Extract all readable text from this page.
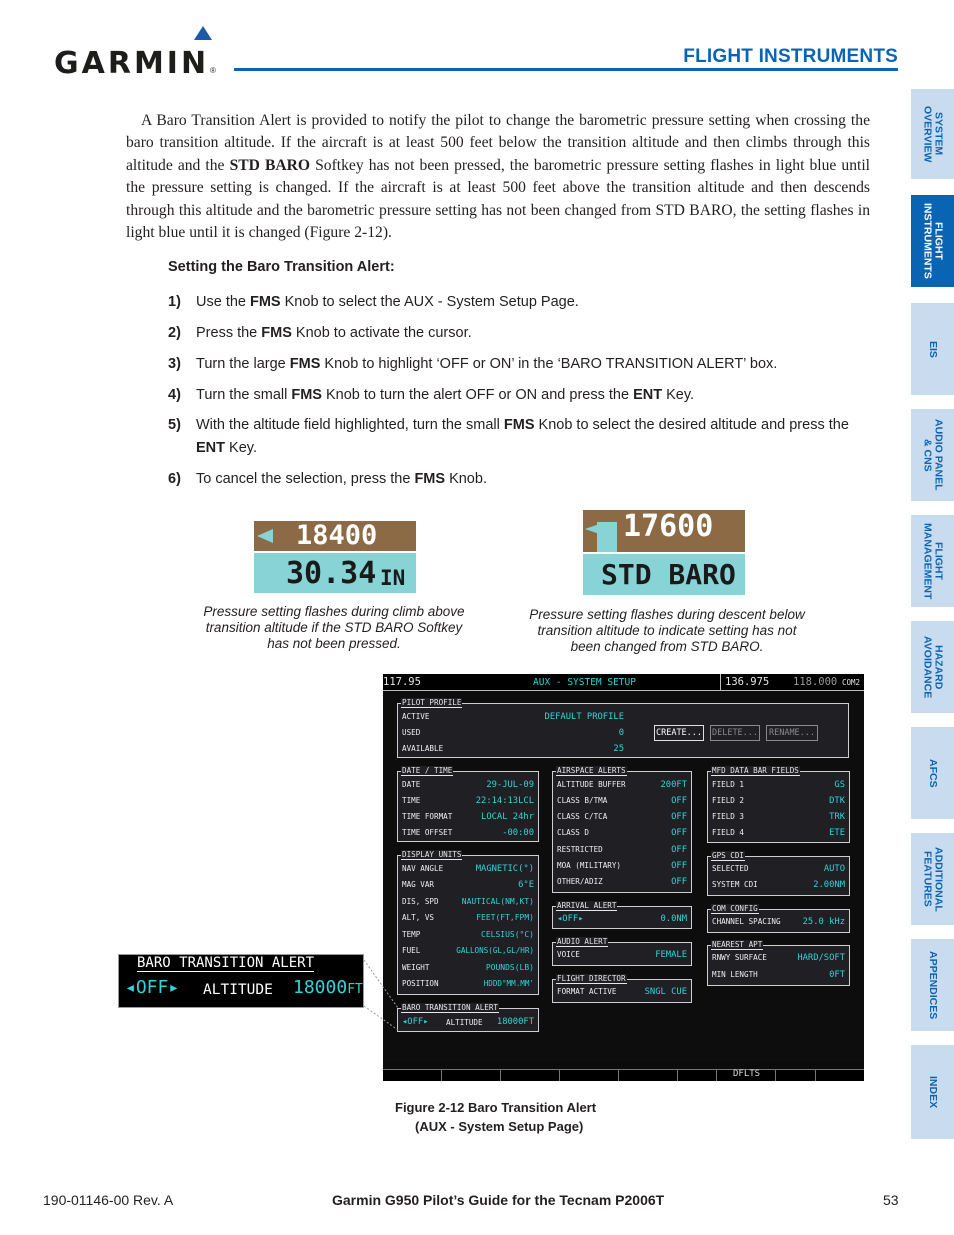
GARMIN ®
FLIGHT INSTRUMENTS
SYSTEM
OVERVIEW
FLIGHT
INSTRUMENTS
EIS
AUDIO PANEL
& CNS
FLIGHT
MANAGEMENT
HAZARD
AVOIDANCE
AFCS
ADDITIONAL
FEATURES
APPENDICES
INDEX

A Baro Transition Alert is provided to notify the pilot to change the barometric pressure setting when crossing the baro transition altitude. If the aircraft is at least 500 feet below the transition altitude and then climbs through this altitude and the STD BARO Softkey has not been pressed, the barometric pressure setting flashes in light blue until the pressure setting is changed. If the aircraft is at least 500 feet above the transition altitude and then descends through this altitude and the barometric pressure setting has not been changed from STD BARO, the setting flashes in light blue until it is changed (Figure 2-12).

Setting the Baro Transition Alert:
1) Use the FMS Knob to select the AUX - System Setup Page.
2) Press the FMS Knob to activate the cursor.
3) Turn the large FMS Knob to highlight ‘OFF or ON’ in the ‘BARO TRANSITION ALERT’ box.
4) Turn the small FMS Knob to turn the alert OFF or ON and press the ENT Key.
5) With the altitude field highlighted, turn the small FMS Knob to select the desired altitude and press the ENT Key.
6) To cancel the selection, press the FMS Knob.
18400
30.34 IN
Pressure setting flashes during climb above transition altitude if the STD BARO Softkey has not been pressed.
17600
STD BARO
Pressure setting flashes during descent below transition altitude to indicate setting has not been changed from STD BARO.
117.95	AUX - SYSTEM SETUP	136.975 118.000 COM2
PILOT PROFILE
ACTIVE	DEFAULT PROFILE
USED	0
AVAILABLE	25
CREATE... DELETE...	RENAME...
DATE / TIME
DATE	29-JUL-09
TIME	22:14:13LCL
TIME FORMAT	LOCAL 24hr
TIME OFFSET	-00:00
DISPLAY UNITS
NAV ANGLE	MAGNETIC(°)
MAG VAR	6°E
DIS, SPD	NAUTICAL(NM,KT)
ALT, VS	FEET(FT,FPM)
TEMP	CELSIUS(°C)
FUEL	GALLONS(GL,GL/HR)
WEIGHT	POUNDS(LB)
POSITION	HDDD°MM.MM'
BARO TRANSITION ALERT
◂OFF▸ ALTITUDE 18000FT
AIRSPACE ALERTS
ALTITUDE BUFFER	200FT
CLASS B/TMA	OFF
CLASS C/TCA	OFF
CLASS D	OFF
RESTRICTED	OFF
MOA (MILITARY)	OFF
OTHER/ADIZ	OFF
ARRIVAL ALERT
◂OFF▸	0.0NM
AUDIO ALERT
VOICE	FEMALE
FLIGHT DIRECTOR
FORMAT ACTIVE	SNGL CUE
MFD DATA BAR FIELDS
FIELD 1	GS
FIELD 2	DTK
FIELD 3	TRK
FIELD 4	ETE
GPS CDI
SELECTED	AUTO
SYSTEM CDI	2.00NM
COM CONFIG
CHANNEL SPACING	25.0 kHz
NEAREST APT
RNWY SURFACE	HARD/SOFT
MIN LENGTH	0FT
DFLTS
BARO TRANSITION ALERT
◂OFF▸ ALTITUDE 18000FT
Figure 2-12 Baro Transition Alert
(AUX - System Setup Page)
190-01146-00 Rev. A	Garmin G950 Pilot’s Guide for the Tecnam P2006T	53
